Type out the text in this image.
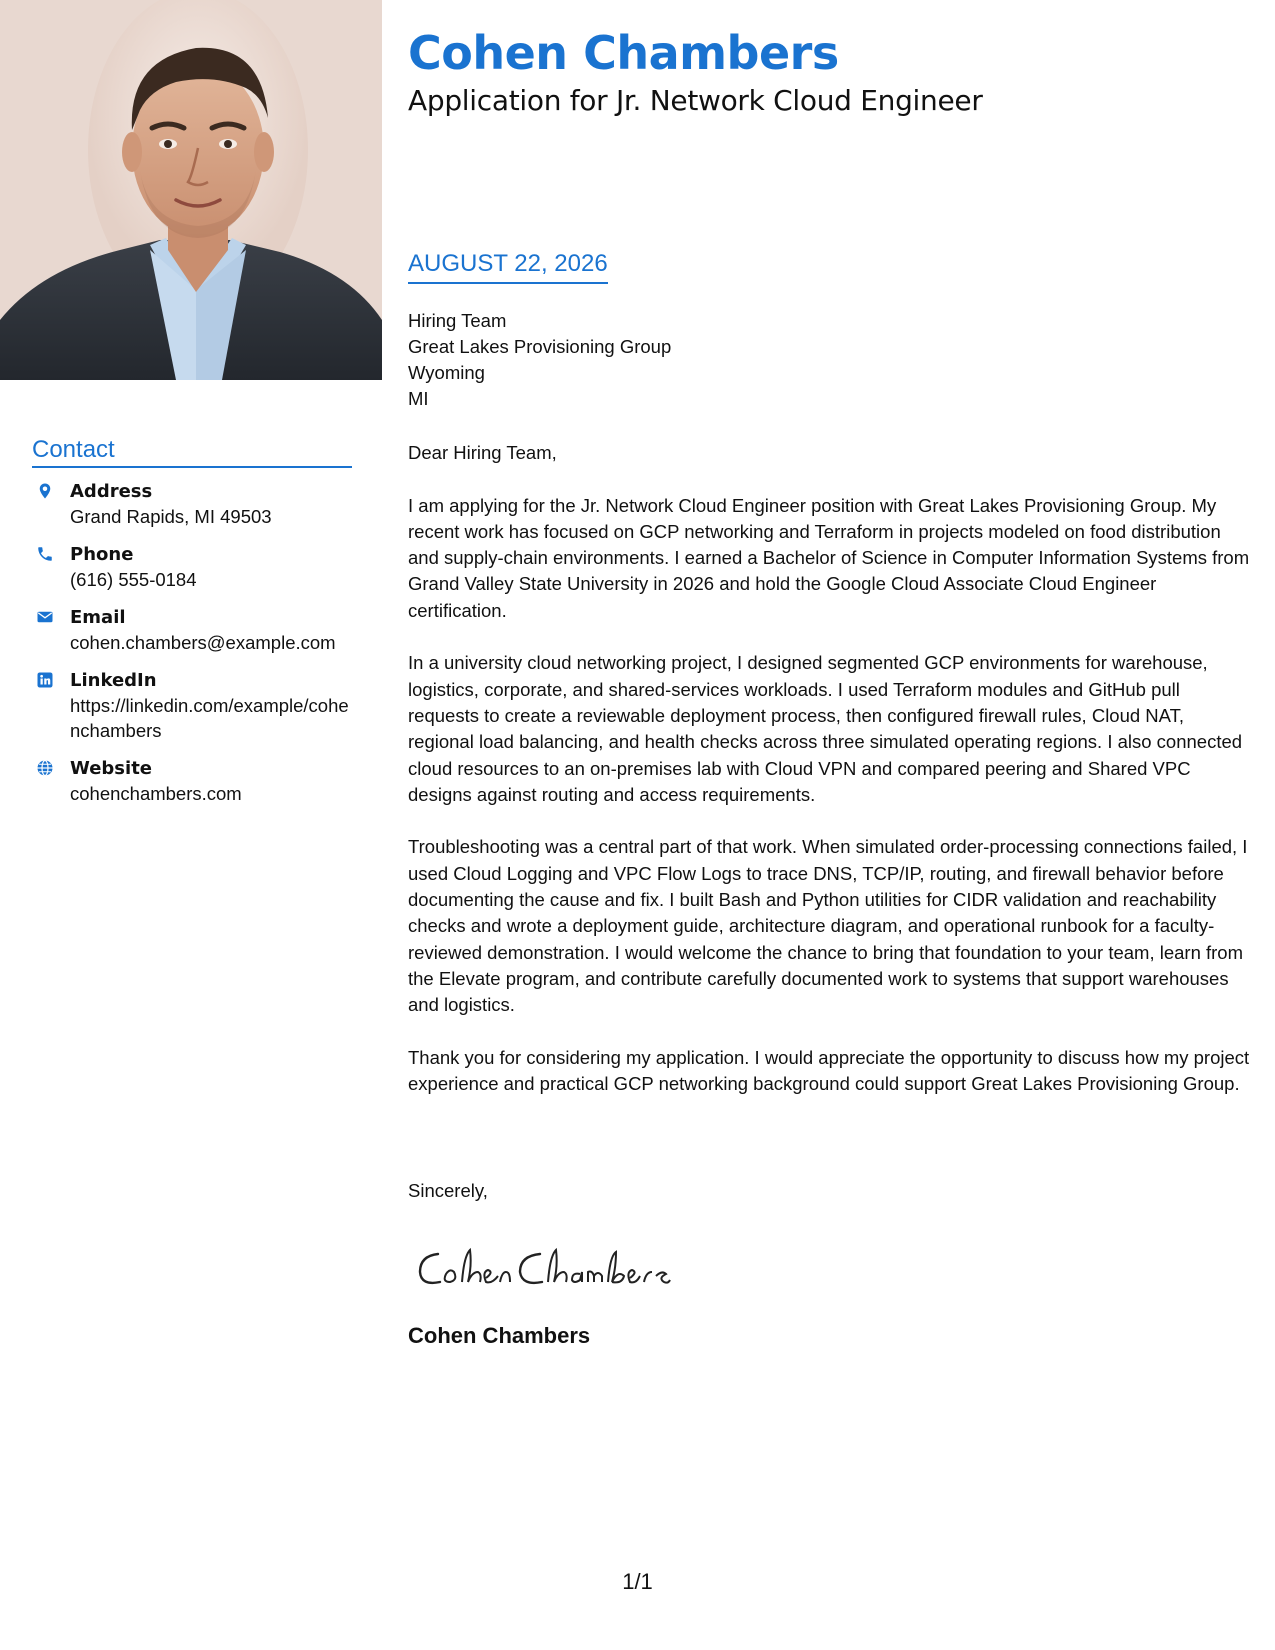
Contact
Address
Grand Rapids, MI 49503
Phone
(616) 555-0184
Email
cohen.chambers@example.com
LinkedIn
https://linkedin.com/example/cohenchambers
Website
cohenchambers.com
Cohen Chambers
Application for Jr. Network Cloud Engineer
AUGUST 22, 2026
Hiring Team
Great Lakes Provisioning Group
Wyoming
MI

Dear Hiring Team,

I am applying for the Jr. Network Cloud Engineer position with Great Lakes Provisioning Group. My recent work has focused on GCP networking and Terraform in projects modeled on food distribution and supply-chain environments. I earned a Bachelor of Science in Computer Information Systems from Grand Valley State University in 2026 and hold the Google Cloud Associate Cloud Engineer certification.

In a university cloud networking project, I designed segmented GCP environments for warehouse, logistics, corporate, and shared-services workloads. I used Terraform modules and GitHub pull requests to create a reviewable deployment process, then configured firewall rules, Cloud NAT, regional load balancing, and health checks across three simulated operating regions. I also connected cloud resources to an on-premises lab with Cloud VPN and compared peering and Shared VPC designs against routing and access requirements.

Troubleshooting was a central part of that work. When simulated order-processing connections failed, I used Cloud Logging and VPC Flow Logs to trace DNS, TCP/IP, routing, and firewall behavior before documenting the cause and fix. I built Bash and Python utilities for CIDR validation and reachability checks and wrote a deployment guide, architecture diagram, and operational runbook for a faculty-reviewed demonstration. I would welcome the chance to bring that foundation to your team, learn from the Elevate program, and contribute carefully documented work to systems that support warehouses and logistics.

Thank you for considering my application. I would appreciate the opportunity to discuss how my project experience and practical GCP networking background could support Great Lakes Provisioning Group.

Sincerely,
Cohen Chambers
1/1
